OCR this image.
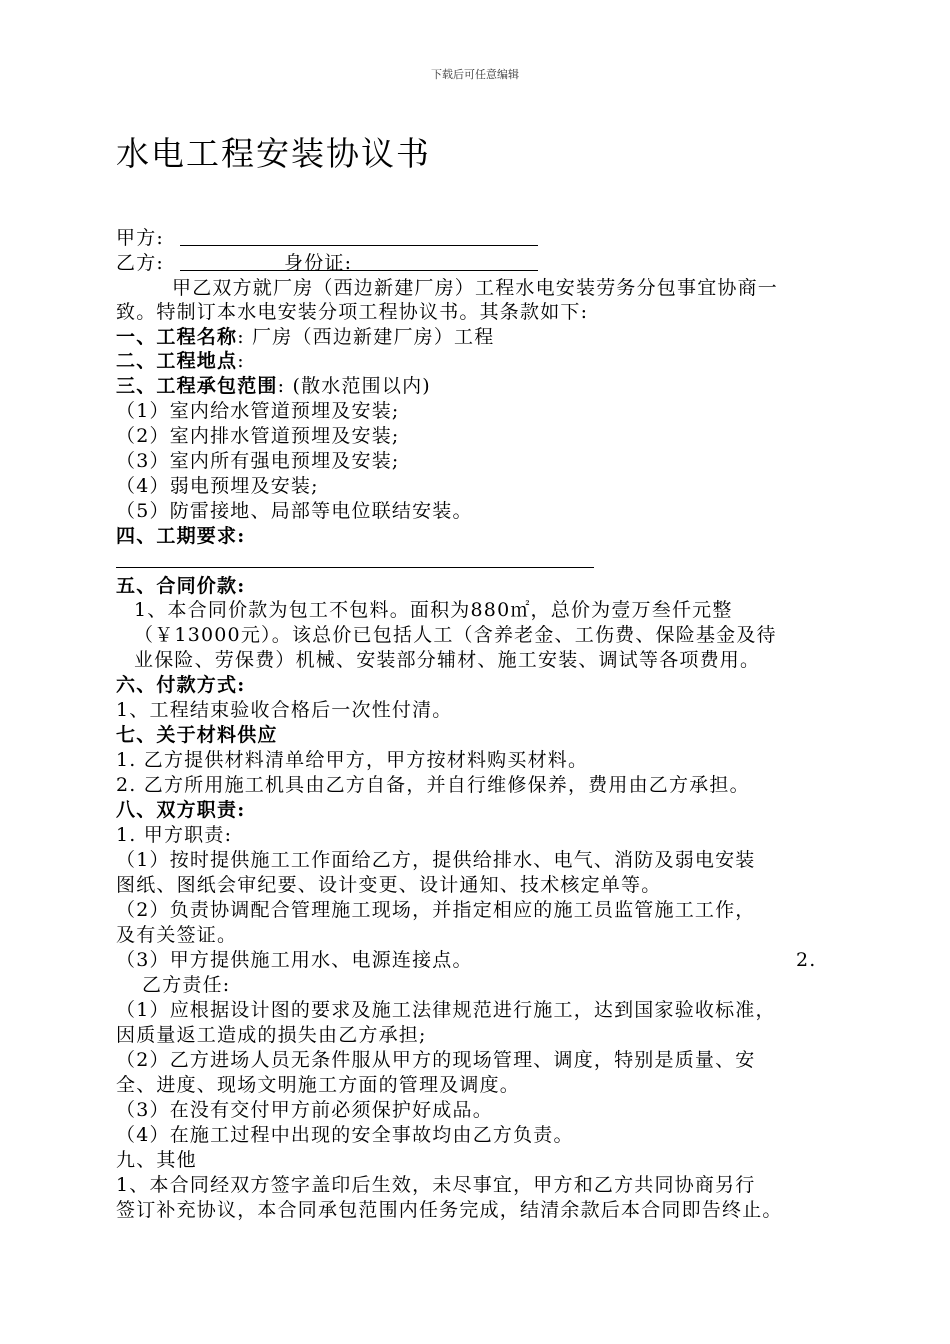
下载后可任意编辑
水电工程安装协议书
甲方:
乙方:	身份证:
甲乙双方就厂房（西边新建厂房）工程水电安装劳务分包事宜协商一
致。特制订本水电安装分项工程协议书。其条款如下:
一、工程名称: 厂房（西边新建厂房）工程
二、工程地点:
三、工程承包范围: (散水范围以内)
（1）室内给水管道预埋及安装;
（2）室内排水管道预埋及安装;
（3）室内所有强电预埋及安装;
（4）弱电预埋及安装;
（5）防雷接地、局部等电位联结安装。
四、工期要求:
五、合同价款:
1、本合同价款为包工不包料。面积为880㎡，总价为壹万叁仟元整
（￥13000元）。该总价已包括人工（含养老金、工伤费、保险基金及待
业保险、劳保费）机械、安装部分辅材、施工安装、调试等各项费用。
六、付款方式:
1、工程结束验收合格后一次性付清。
七、关于材料供应
1. 乙方提供材料清单给甲方，甲方按材料购买材料。
2. 乙方所用施工机具由乙方自备，并自行维修保养，费用由乙方承担。
八、双方职责:
1. 甲方职责:
（1）按时提供施工工作面给乙方，提供给排水、电气、消防及弱电安装
图纸、图纸会审纪要、设计变更、设计通知、技术核定单等。
（2）负责协调配合管理施工现场，并指定相应的施工员监管施工工作，
及有关签证。
（3）甲方提供施工用水、电源连接点。	2.
乙方责任:
（1）应根据设计图的要求及施工法律规范进行施工，达到国家验收标准，
因质量返工造成的损失由乙方承担;
（2）乙方进场人员无条件服从甲方的现场管理、调度，特别是质量、安
全、进度、现场文明施工方面的管理及调度。
（3）在没有交付甲方前必须保护好成品。
（4）在施工过程中出现的安全事故均由乙方负责。
九、其他
1、本合同经双方签字盖印后生效，未尽事宜，甲方和乙方共同协商另行
签订补充协议，本合同承包范围内任务完成，结清余款后本合同即告终止。
